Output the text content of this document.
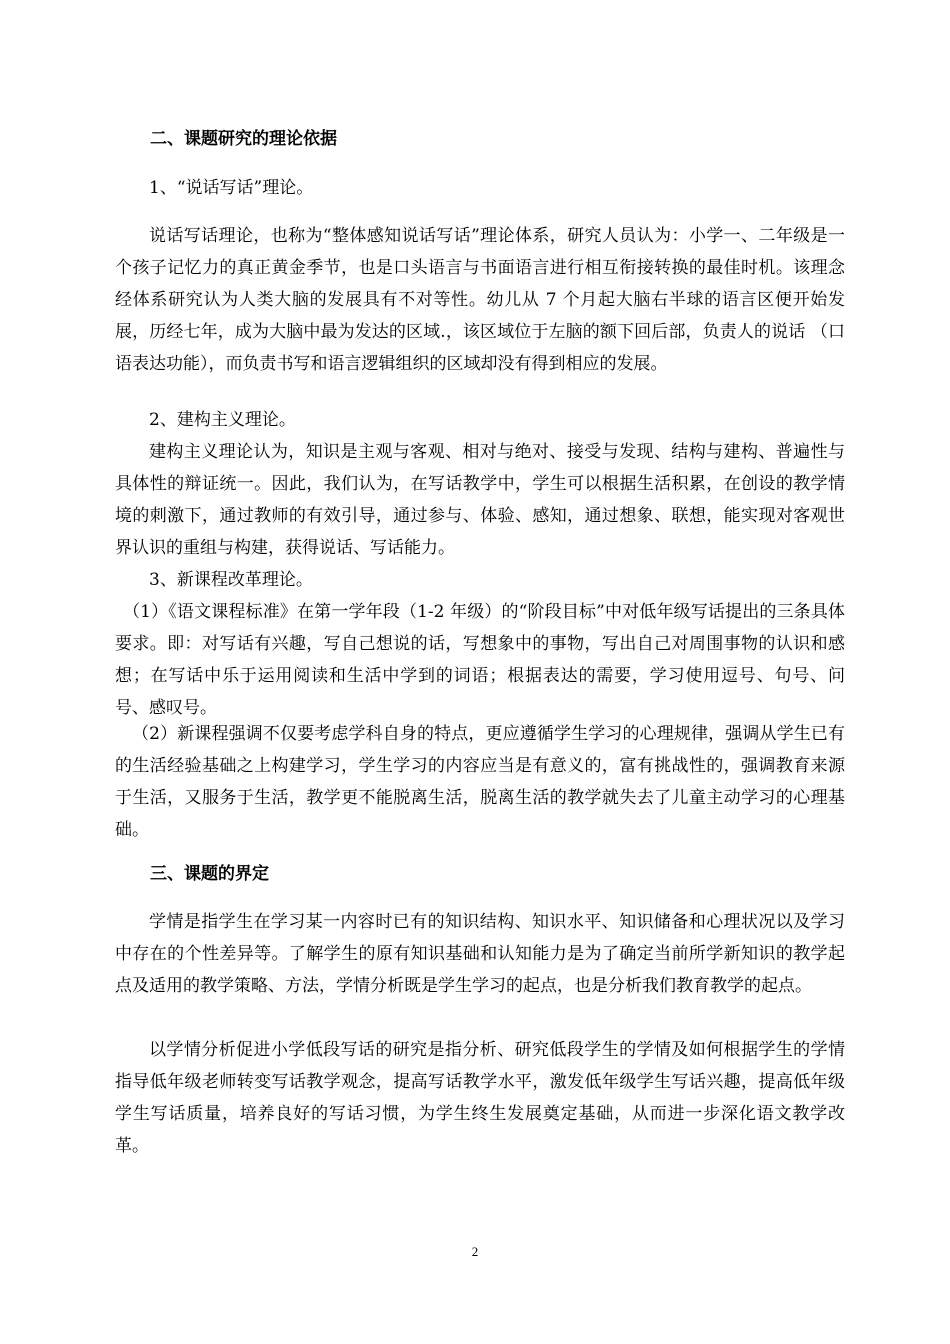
二、课题研究的理论依据

1、“说话写话”理论。

说话写话理论，也称为“整体感知说话写话”理论体系，研究人员认为：小学一、二年级是一个孩子记忆力的真正黄金季节，也是口头语言与书面语言进行相互衔接转换的最佳时机。该理念经体系研究认为人类大脑的发展具有不对等性。幼儿从 7 个月起大脑右半球的语言区便开始发展，历经七年，成为大脑中最为发达的区域.，该区域位于左脑的额下回后部，负责人的说话 （口语表达功能），而负责书写和语言逻辑组织的区域却没有得到相应的发展。

2、建构主义理论。

建构主义理论认为，知识是主观与客观、相对与绝对、接受与发现、结构与建构、普遍性与具体性的辩证统一。因此，我们认为，在写话教学中，学生可以根据生活积累，在创设的教学情境的刺激下，通过教师的有效引导，通过参与、体验、感知，通过想象、联想，能实现对客观世界认识的重组与构建，获得说话、写话能力。

3、新课程改革理论。

（1）《语文课程标准》在第一学年段（1-2 年级）的“阶段目标”中对低年级写话提出的三条具体要求。即：对写话有兴趣，写自己想说的话，写想象中的事物，写出自己对周围事物的认识和感想；在写话中乐于运用阅读和生活中学到的词语；根据表达的需要，学习使用逗号、句号、问号、感叹号。

（2）新课程强调不仅要考虑学科自身的特点，更应遵循学生学习的心理规律，强调从学生已有的生活经验基础之上构建学习，学生学习的内容应当是有意义的，富有挑战性的，强调教育来源于生活，又服务于生活，教学更不能脱离生活，脱离生活的教学就失去了儿童主动学习的心理基础。

三、课题的界定

学情是指学生在学习某一内容时已有的知识结构、知识水平、知识储备和心理状况以及学习中存在的个性差异等。了解学生的原有知识基础和认知能力是为了确定当前所学新知识的教学起点及适用的教学策略、方法，学情分析既是学生学习的起点，也是分析我们教育教学的起点。

以学情分析促进小学低段写话的研究是指分析、研究低段学生的学情及如何根据学生的学情指导低年级老师转变写话教学观念，提高写话教学水平，激发低年级学生写话兴趣，提高低年级学生写话质量，培养良好的写话习惯，为学生终生发展奠定基础，从而进一步深化语文教学改革。

2
